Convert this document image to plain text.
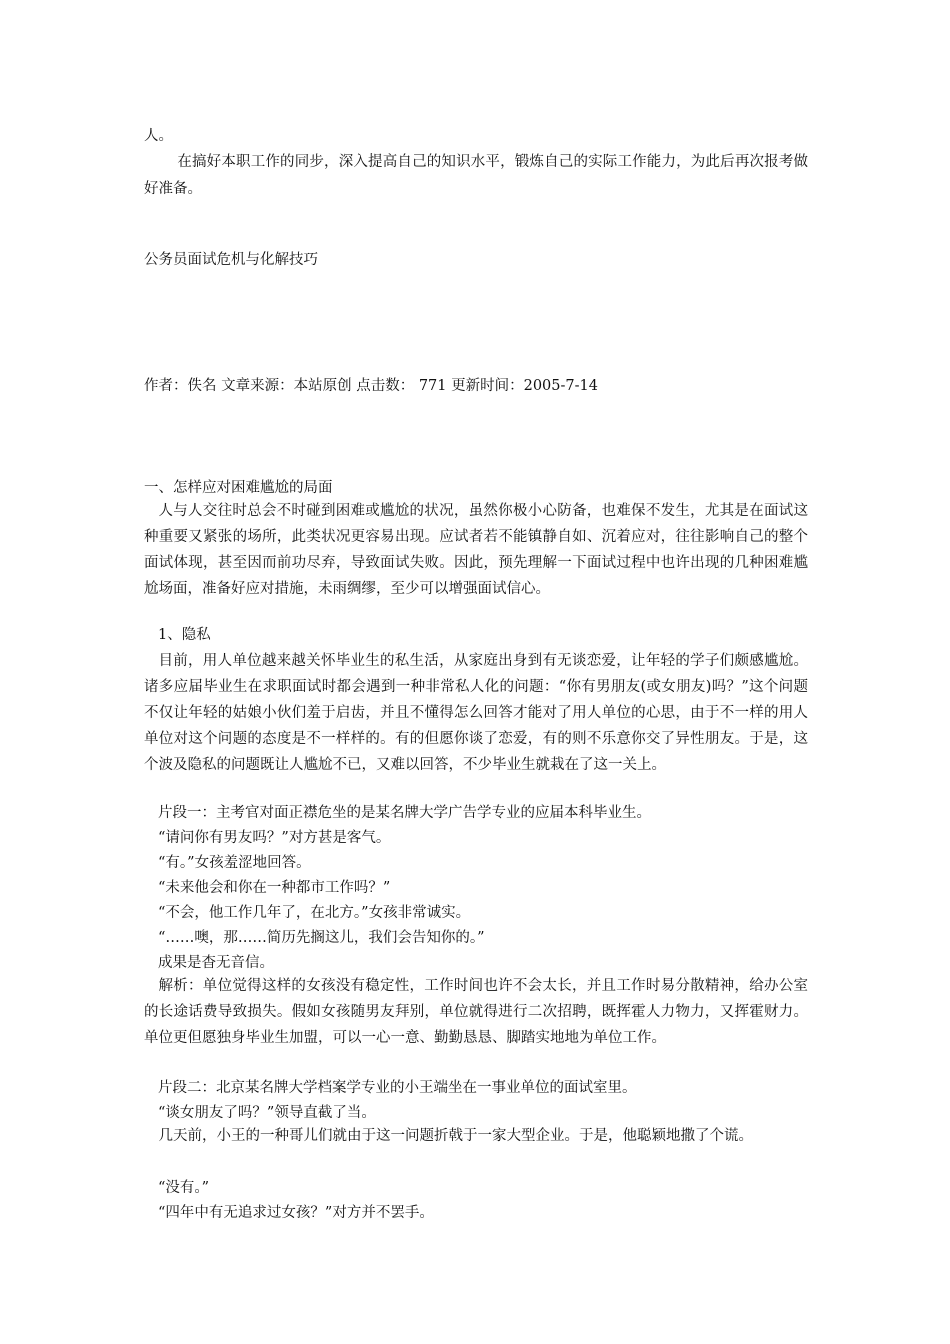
人。
在搞好本职工作的同步，深入提高自己的知识水平，锻炼自己的实际工作能力，为此后再次报考做好准备。
公务员面试危机与化解技巧
作者：佚名 文章来源：本站原创 点击数： 771 更新时间：2005-7-14
一、怎样应对困难尴尬的局面
人与人交往时总会不时碰到困难或尴尬的状况，虽然你极小心防备，也难保不发生，尤其是在面试这种重要又紧张的场所，此类状况更容易出现。应试者若不能镇静自如、沉着应对，往往影响自己的整个面试体现，甚至因而前功尽弃，导致面试失败。因此，预先理解一下面试过程中也许出现的几种困难尴尬场面，准备好应对措施，未雨绸缪，至少可以增强面试信心。
1、隐私
目前，用人单位越来越关怀毕业生的私生活，从家庭出身到有无谈恋爱，让年轻的学子们颇感尴尬。诸多应届毕业生在求职面试时都会遇到一种非常私人化的问题：“你有男朋友(或女朋友)吗？”这个问题不仅让年轻的姑娘小伙们羞于启齿，并且不懂得怎么回答才能对了用人单位的心思，由于不一样的用人单位对这个问题的态度是不一样样的。有的但愿你谈了恋爱，有的则不乐意你交了异性朋友。于是，这个波及隐私的问题既让人尴尬不已，又难以回答，不少毕业生就栽在了这一关上。
片段一：主考官对面正襟危坐的是某名牌大学广告学专业的应届本科毕业生。
“请问你有男友吗？”对方甚是客气。
“有。”女孩羞涩地回答。
“未来他会和你在一种都市工作吗？”
“不会，他工作几年了，在北方。”女孩非常诚实。
“……噢，那……简历先搁这儿，我们会告知你的。”
成果是杳无音信。
解析：单位觉得这样的女孩没有稳定性，工作时间也许不会太长，并且工作时易分散精神，给办公室的长途话费导致损失。假如女孩随男友拜别，单位就得进行二次招聘，既挥霍人力物力，又挥霍财力。单位更但愿独身毕业生加盟，可以一心一意、勤勤恳恳、脚踏实地地为单位工作。
片段二：北京某名牌大学档案学专业的小王端坐在一事业单位的面试室里。
“谈女朋友了吗？”领导直截了当。
几天前，小王的一种哥儿们就由于这一问题折戟于一家大型企业。于是，他聪颖地撒了个谎。
“没有。”
“四年中有无追求过女孩？”对方并不罢手。
